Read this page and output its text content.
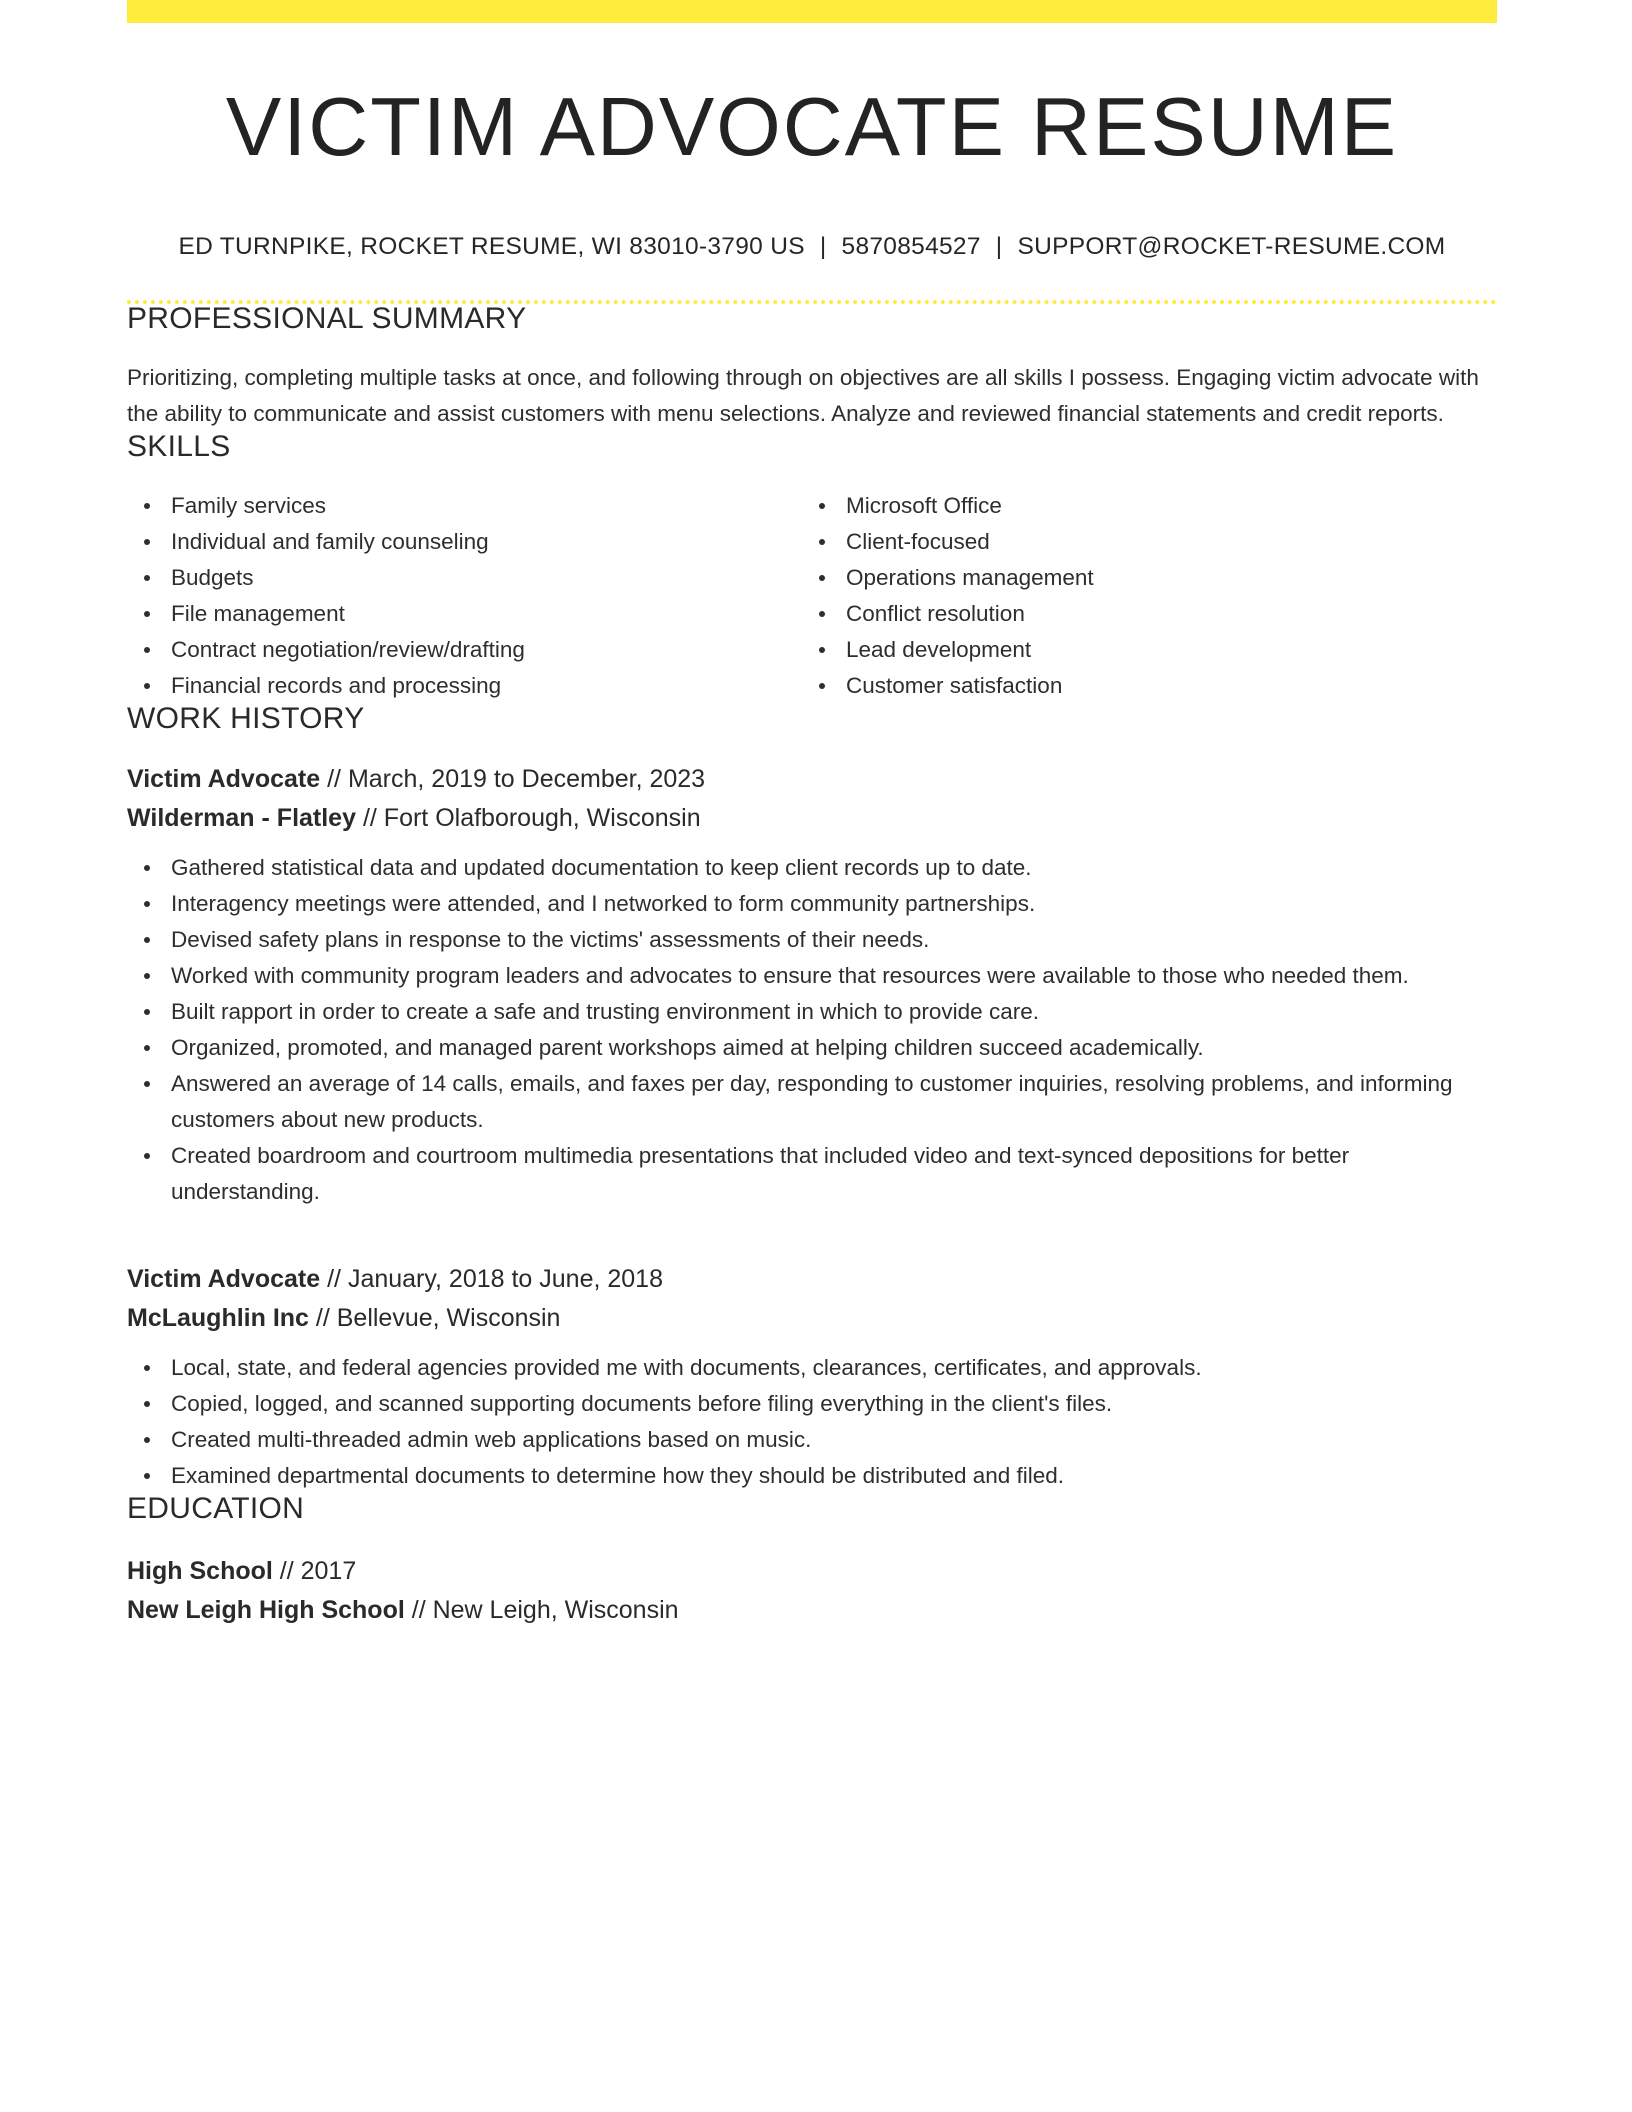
VICTIM ADVOCATE RESUME
ED TURNPIKE, ROCKET RESUME, WI 83010-3790 US | 5870854527 | SUPPORT@ROCKET-RESUME.COM
PROFESSIONAL SUMMARY
Prioritizing, completing multiple tasks at once, and following through on objectives are all skills I possess. Engaging victim advocate with the ability to communicate and assist customers with menu selections. Analyze and reviewed financial statements and credit reports.
SKILLS
Family services
Individual and family counseling
Budgets
File management
Contract negotiation/review/drafting
Financial records and processing
Microsoft Office
Client-focused
Operations management
Conflict resolution
Lead development
Customer satisfaction
WORK HISTORY
Victim Advocate // March, 2019 to December, 2023
Wilderman - Flatley // Fort Olafborough, Wisconsin
Gathered statistical data and updated documentation to keep client records up to date.
Interagency meetings were attended, and I networked to form community partnerships.
Devised safety plans in response to the victims' assessments of their needs.
Worked with community program leaders and advocates to ensure that resources were available to those who needed them.
Built rapport in order to create a safe and trusting environment in which to provide care.
Organized, promoted, and managed parent workshops aimed at helping children succeed academically.
Answered an average of 14 calls, emails, and faxes per day, responding to customer inquiries, resolving problems, and informing customers about new products.
Created boardroom and courtroom multimedia presentations that included video and text-synced depositions for better understanding.
Victim Advocate // January, 2018 to June, 2018
McLaughlin Inc // Bellevue, Wisconsin
Local, state, and federal agencies provided me with documents, clearances, certificates, and approvals.
Copied, logged, and scanned supporting documents before filing everything in the client's files.
Created multi-threaded admin web applications based on music.
Examined departmental documents to determine how they should be distributed and filed.
EDUCATION
High School // 2017
New Leigh High School // New Leigh, Wisconsin
